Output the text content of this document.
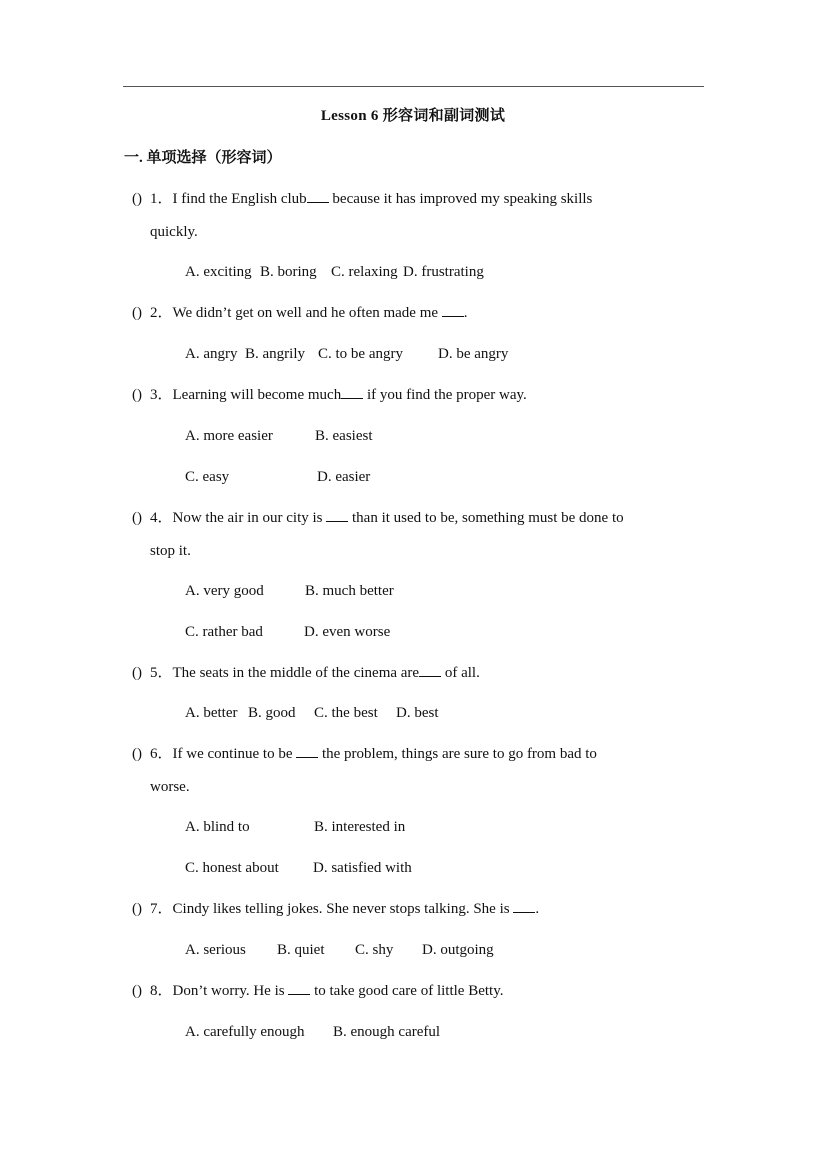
Lesson 6 形容词和副词测试
一. 单项选择（形容词）
() 1．I find the English club because it has improved my speaking skills
quickly.
A. exciting B. boring C. relaxing D. frustrating
() 2．We didn’t get on well and he often made me .
A. angry B. angrily C. to be angry D. be angry
() 3．Learning will become much if you find the proper way.
A. more easier	B. easiest
C. easy	D. easier
() 4．Now the air in our city is  than it used to be, something must be done to
stop it.
A. very good	B. much better
C. rather bad	D. even worse
() 5．The seats in the middle of the cinema are of all.
A. better B. good C. the best D. best
() 6．If we continue to be  the problem, things are sure to go from bad to
worse.
A. blind to	B. interested in
C. honest about D. satisfied with
() 7．Cindy likes telling jokes. She never stops talking. She is .
A. serious B. quiet C. shy D. outgoing
() 8．Don’t worry. He is  to take good care of little Betty.
A. carefully enough B. enough careful
